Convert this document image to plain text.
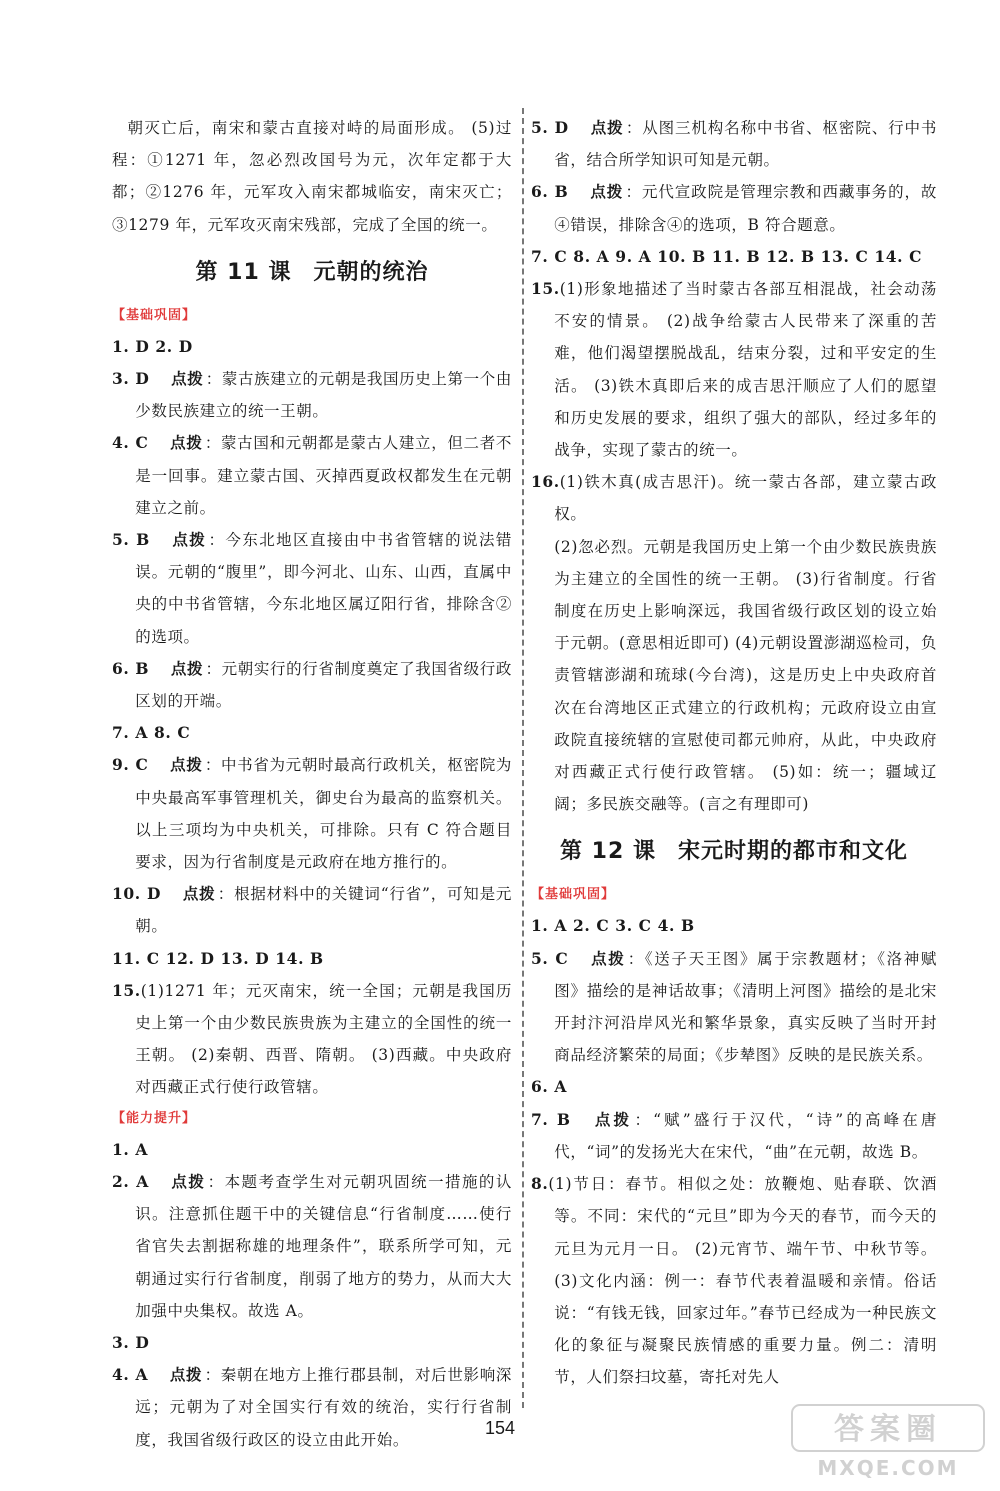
朝灭亡后，南宋和蒙古直接对峙的局面形成。 (5)过程：①1271 年，忽必烈改国号为元，次年定都于大都；②1276 年，元军攻入南宋都城临安，南宋灭亡；③1279 年，元军攻灭南宋残部，完成了全国的统一。

第 11 课 元朝的统治
【基础巩固】

1. D 2. D

3. D 点拨 ：蒙古族建立的元朝是我国历史上第一个由少数民族建立的统一王朝。

4. C 点拨 ：蒙古国和元朝都是蒙古人建立，但二者不是一回事。建立蒙古国、灭掉西夏政权都发生在元朝建立之前。

5. B 点拨 ：今东北地区直接由中书省管辖的说法错误。元朝的“腹里”，即今河北、山东、山西，直属中央的中书省管辖，今东北地区属辽阳行省，排除含②的选项。

6. B 点拨 ：元朝实行的行省制度奠定了我国省级行政区划的开端。

7. A 8. C

9. C 点拨 ：中书省为元朝时最高行政机关，枢密院为中央最高军事管理机关，御史台为最高的监察机关。以上三项均为中央机关，可排除。只有 C 符合题目要求，因为行省制度是元政府在地方推行的。

10. D 点拨 ：根据材料中的关键词“行省”，可知是元朝。

11. C 12. D 13. D 14. B

15.(1)1271 年；元灭南宋，统一全国；元朝是我国历史上第一个由少数民族贵族为主建立的全国性的统一王朝。 (2)秦朝、西晋、隋朝。 (3)西藏。中央政府对西藏正式行使行政管辖。

【能力提升】

1. A

2. A 点拨 ：本题考查学生对元朝巩固统一措施的认识。注意抓住题干中的关键信息“行省制度……使行省官失去割据称雄的地理条件”，联系所学可知，元朝通过实行行省制度，削弱了地方的势力，从而大大加强中央集权。故选 A。

3. D

4. A 点拨 ：秦朝在地方上推行郡县制，对后世影响深远；元朝为了对全国实行有效的统治，实行行省制度，我国省级行政区的设立由此开始。

5. D 点拨 ：从图三机构名称中书省、枢密院、行中书省，结合所学知识可知是元朝。

6. B 点拨 ：元代宣政院是管理宗教和西藏事务的，故④错误，排除含④的选项，B 符合题意。

7. C 8. A 9. A 10. B 11. B 12. B 13. C 14. C

15.(1)形象地描述了当时蒙古各部互相混战，社会动荡不安的情景。 (2)战争给蒙古人民带来了深重的苦难，他们渴望摆脱战乱，结束分裂，过和平安定的生活。 (3)铁木真即后来的成吉思汗顺应了人们的愿望和历史发展的要求，组织了强大的部队，经过多年的战争，实现了蒙古的统一。

16.(1)铁木真(成吉思汗)。统一蒙古各部，建立蒙古政权。

(2)忽必烈。元朝是我国历史上第一个由少数民族贵族为主建立的全国性的统一王朝。 (3)行省制度。行省制度在历史上影响深远，我国省级行政区划的设立始于元朝。(意思相近即可) (4)元朝设置澎湖巡检司，负责管辖澎湖和琉球(今台湾)，这是历史上中央政府首次在台湾地区正式建立的行政机构；元政府设立由宣政院直接统辖的宣慰使司都元帅府，从此，中央政府对西藏正式行使行政管辖。 (5)如：统一；疆域辽阔；多民族交融等。(言之有理即可)

第 12 课 宋元时期的都市和文化
【基础巩固】

1. A 2. C 3. C 4. B

5. C 点拨 ：《送子天王图》属于宗教题材；《洛神赋图》描绘的是神话故事；《清明上河图》描绘的是北宋开封汴河沿岸风光和繁华景象，真实反映了当时开封商品经济繁荣的局面；《步辇图》反映的是民族关系。

6. A

7. B 点拨 ：“赋”盛行于汉代，“诗”的高峰在唐代，“词”的发扬光大在宋代，“曲”在元朝，故选 B。

8.(1)节日：春节。相似之处：放鞭炮、贴春联、饮酒等。不同：宋代的“元旦”即为今天的春节，而今天的元旦为元月一日。 (2)元宵节、端午节、中秋节等。 (3)文化内涵：例一：春节代表着温暖和亲情。俗话说：“有钱无钱，回家过年。”春节已经成为一种民族文化的象征与凝聚民族情感的重要力量。例二：清明节，人们祭扫坟墓，寄托对先人

154	答案圈
MXQE.COM
